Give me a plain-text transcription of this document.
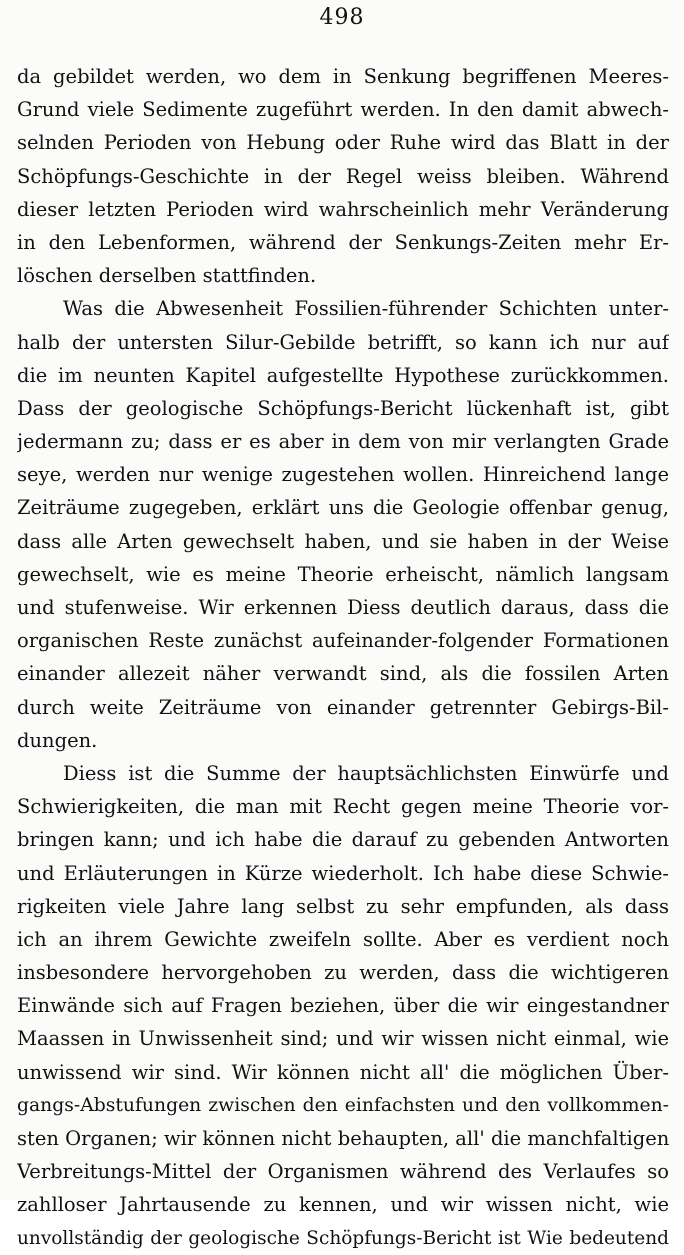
498
da gebildet werden, wo dem in Senkung begriffenen Meeres-
Grund viele Sedimente zugeführt werden. In den damit abwech-
selnden Perioden von Hebung oder Ruhe wird das Blatt in der
Schöpfungs-Geschichte in der Regel weiss bleiben. Während
dieser letzten Perioden wird wahrscheinlich mehr Veränderung
in den Lebenformen, während der Senkungs-Zeiten mehr Er-
löschen derselben stattfinden.
Was die Abwesenheit Fossilien-führender Schichten unter-
halb der untersten Silur-Gebilde betrifft, so kann ich nur auf
die im neunten Kapitel aufgestellte Hypothese zurückkommen.
Dass der geologische Schöpfungs-Bericht lückenhaft ist, gibt
jedermann zu; dass er es aber in dem von mir verlangten Grade
seye, werden nur wenige zugestehen wollen. Hinreichend lange
Zeiträume zugegeben, erklärt uns die Geologie offenbar genug,
dass alle Arten gewechselt haben, und sie haben in der Weise
gewechselt, wie es meine Theorie erheischt, nämlich langsam
und stufenweise. Wir erkennen Diess deutlich daraus, dass die
organischen Reste zunächst aufeinander-folgender Formationen
einander allezeit näher verwandt sind, als die fossilen Arten
durch weite Zeiträume von einander getrennter Gebirgs-Bil-
dungen.
Diess ist die Summe der hauptsächlichsten Einwürfe und
Schwierigkeiten, die man mit Recht gegen meine Theorie vor-
bringen kann; und ich habe die darauf zu gebenden Antworten
und Erläuterungen in Kürze wiederholt. Ich habe diese Schwie-
rigkeiten viele Jahre lang selbst zu sehr empfunden, als dass
ich an ihrem Gewichte zweifeln sollte. Aber es verdient noch
insbesondere hervorgehoben zu werden, dass die wichtigeren
Einwände sich auf Fragen beziehen, über die wir eingestandner
Maassen in Unwissenheit sind; und wir wissen nicht einmal, wie
unwissend wir sind. Wir können nicht all' die möglichen Über-
gangs-Abstufungen zwischen den einfachsten und den vollkommen-
sten Organen; wir können nicht behaupten, all' die manchfaltigen
Verbreitungs-Mittel der Organismen während des Verlaufes so
zahlloser Jahrtausende zu kennen, und wir wissen nicht, wie
unvollständig der geologische Schöpfungs-Bericht ist Wie bedeutend
